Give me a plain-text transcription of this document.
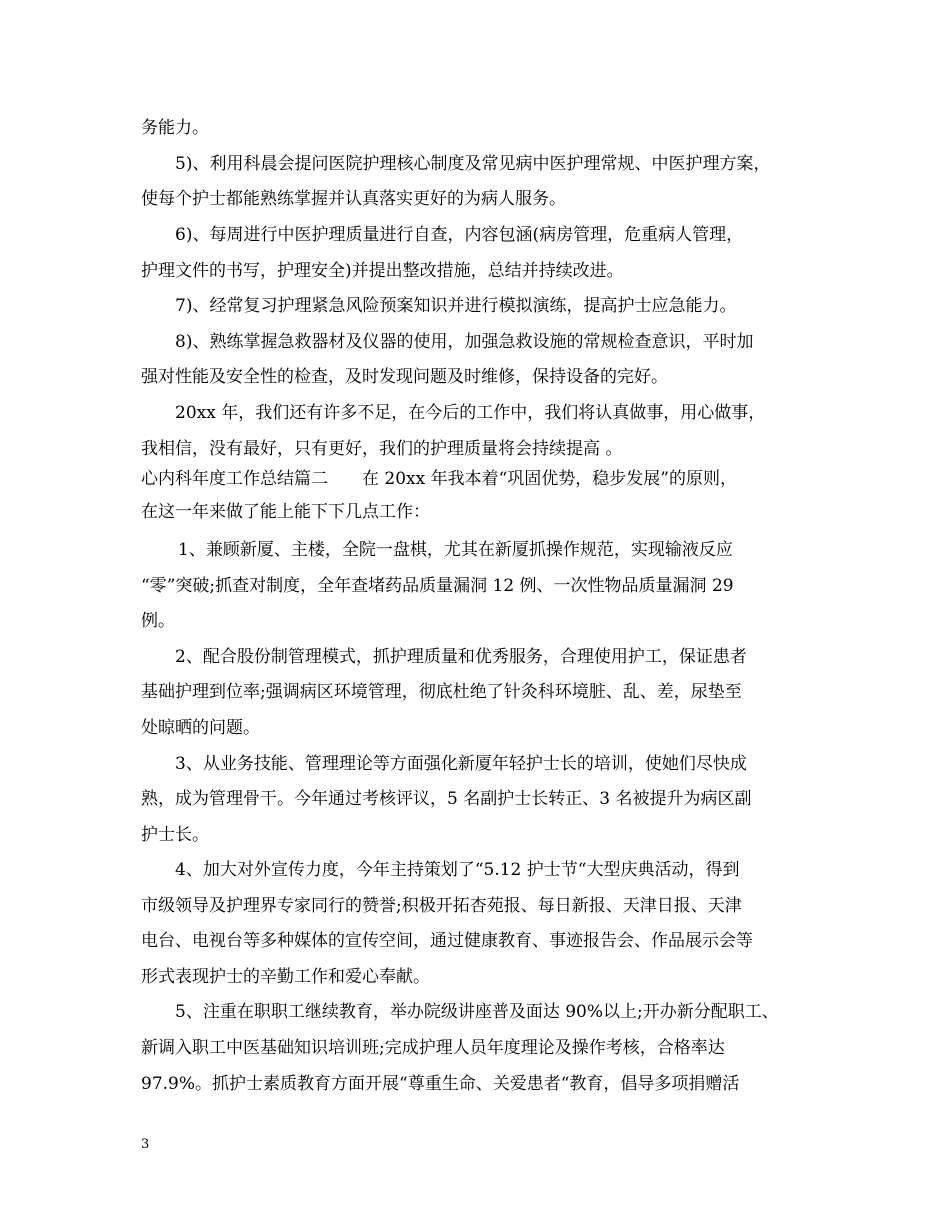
务能力。
5)、利用科晨会提问医院护理核心制度及常见病中医护理常规、中医护理方案，
使每个护士都能熟练掌握并认真落实更好的为病人服务。
6)、每周进行中医护理质量进行自查，内容包涵(病房管理，危重病人管理，
护理文件的书写，护理安全)并提出整改措施，总结并持续改进。
7)、经常复习护理紧急风险预案知识并进行模拟演练，提高护士应急能力。
8)、熟练掌握急救器材及仪器的使用，加强急救设施的常规检查意识，平时加
强对性能及安全性的检查，及时发现问题及时维修，保持设备的完好。
20xx 年，我们还有许多不足，在今后的工作中，我们将认真做事，用心做事，
我相信，没有最好，只有更好，我们的护理质量将会持续提高 。
心内科年度工作总结篇二　　在 20xx 年我本着“巩固优势，稳步发展”的原则，
在这一年来做了能上能下下几点工作：
1、兼顾新厦、主楼，全院一盘棋，尤其在新厦抓操作规范，实现输液反应
“零”突破;抓查对制度，全年查堵药品质量漏洞 12 例、一次性物品质量漏洞 29
例。
2、配合股份制管理模式，抓护理质量和优秀服务，合理使用护工，保证患者
基础护理到位率;强调病区环境管理，彻底杜绝了针灸科环境脏、乱、差，尿垫至
处晾晒的问题。
3、从业务技能、管理理论等方面强化新厦年轻护士长的培训，使她们尽快成
熟，成为管理骨干。今年通过考核评议，5 名副护士长转正、3 名被提升为病区副
护士长。
4、加大对外宣传力度，今年主持策划了“5.12 护士节“大型庆典活动，得到
市级领导及护理界专家同行的赞誉;积极开拓杏苑报、每日新报、天津日报、天津
电台、电视台等多种媒体的宣传空间，通过健康教育、事迹报告会、作品展示会等
形式表现护士的辛勤工作和爱心奉献。
5、注重在职职工继续教育，举办院级讲座普及面达 90%以上;开办新分配职工、
新调入职工中医基础知识培训班;完成护理人员年度理论及操作考核，合格率达
97.9%。抓护士素质教育方面开展“尊重生命、关爱患者“教育，倡导多项捐赠活
3
